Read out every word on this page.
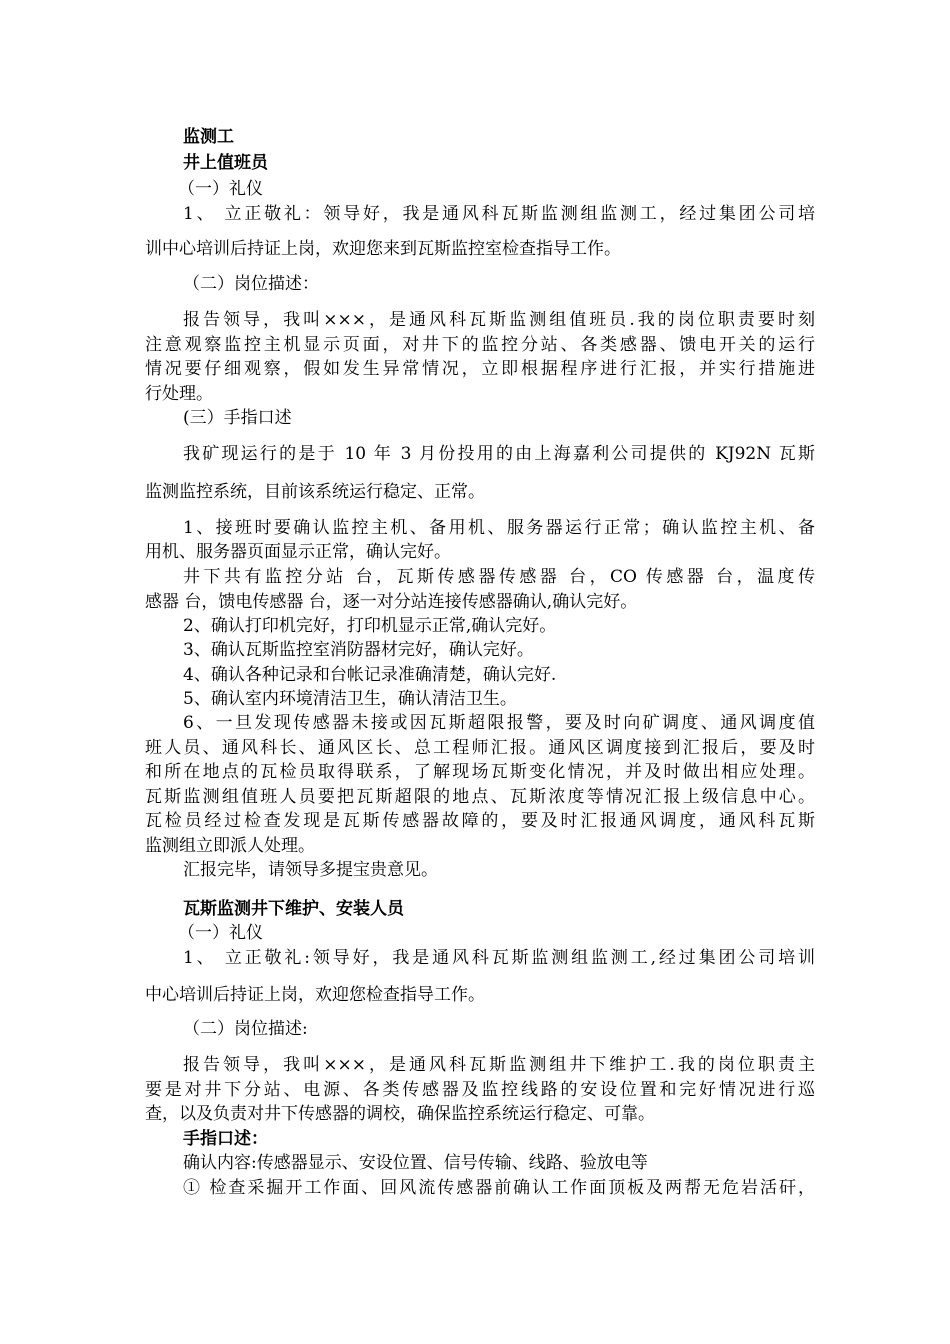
监测工
井上值班员
（一）礼仪
1、 立正敬礼：领导好，我是通风科瓦斯监测组监测工，经过集团公司培
训中心培训后持证上岗，欢迎您来到瓦斯监控室检查指导工作。
（二）岗位描述：
报告领导，我叫×××，是通风科瓦斯监测组值班员.我的岗位职责要时刻
注意观察监控主机显示页面，对井下的监控分站、各类感器、馈电开关的运行
情况要仔细观察，假如发生异常情况，立即根据程序进行汇报，并实行措施进
行处理。
(三）手指口述
我矿现运行的是于 10 年 3 月份投用的由上海嘉利公司提供的 KJ92N 瓦斯
监测监控系统，目前该系统运行稳定、正常。
1、接班时要确认监控主机、备用机、服务器运行正常；确认监控主机、备
用机、服务器页面显示正常，确认完好。
井下共有监控分站 台，瓦斯传感器传感器 台，CO 传感器 台，温度传
感器 台，馈电传感器 台，逐一对分站连接传感器确认,确认完好。
2、确认打印机完好，打印机显示正常,确认完好。
3、确认瓦斯监控室消防器材完好，确认完好。
4、确认各种记录和台帐记录准确清楚，确认完好.
5、确认室内环境清洁卫生，确认清洁卫生。
6、一旦发现传感器未接或因瓦斯超限报警，要及时向矿调度、通风调度值
班人员、通风科长、通风区长、总工程师汇报。通风区调度接到汇报后，要及时
和所在地点的瓦检员取得联系，了解现场瓦斯变化情况，并及时做出相应处理。
瓦斯监测组值班人员要把瓦斯超限的地点、瓦斯浓度等情况汇报上级信息中心。
瓦检员经过检查发现是瓦斯传感器故障的，要及时汇报通风调度，通风科瓦斯
监测组立即派人处理。
汇报完毕，请领导多提宝贵意见。
瓦斯监测井下维护、安装人员
（一）礼仪
1、 立正敬礼:领导好，我是通风科瓦斯监测组监测工,经过集团公司培训
中心培训后持证上岗，欢迎您检查指导工作。
（二）岗位描述:
报告领导，我叫×××，是通风科瓦斯监测组井下维护工.我的岗位职责主
要是对井下分站、电源、各类传感器及监控线路的安设位置和完好情况进行巡
查，以及负责对井下传感器的调校，确保监控系统运行稳定、可靠。
手指口述：
确认内容:传感器显示、安设位置、信号传输、线路、验放电等
① 检查采掘开工作面、回风流传感器前确认工作面顶板及两帮无危岩活矸，
